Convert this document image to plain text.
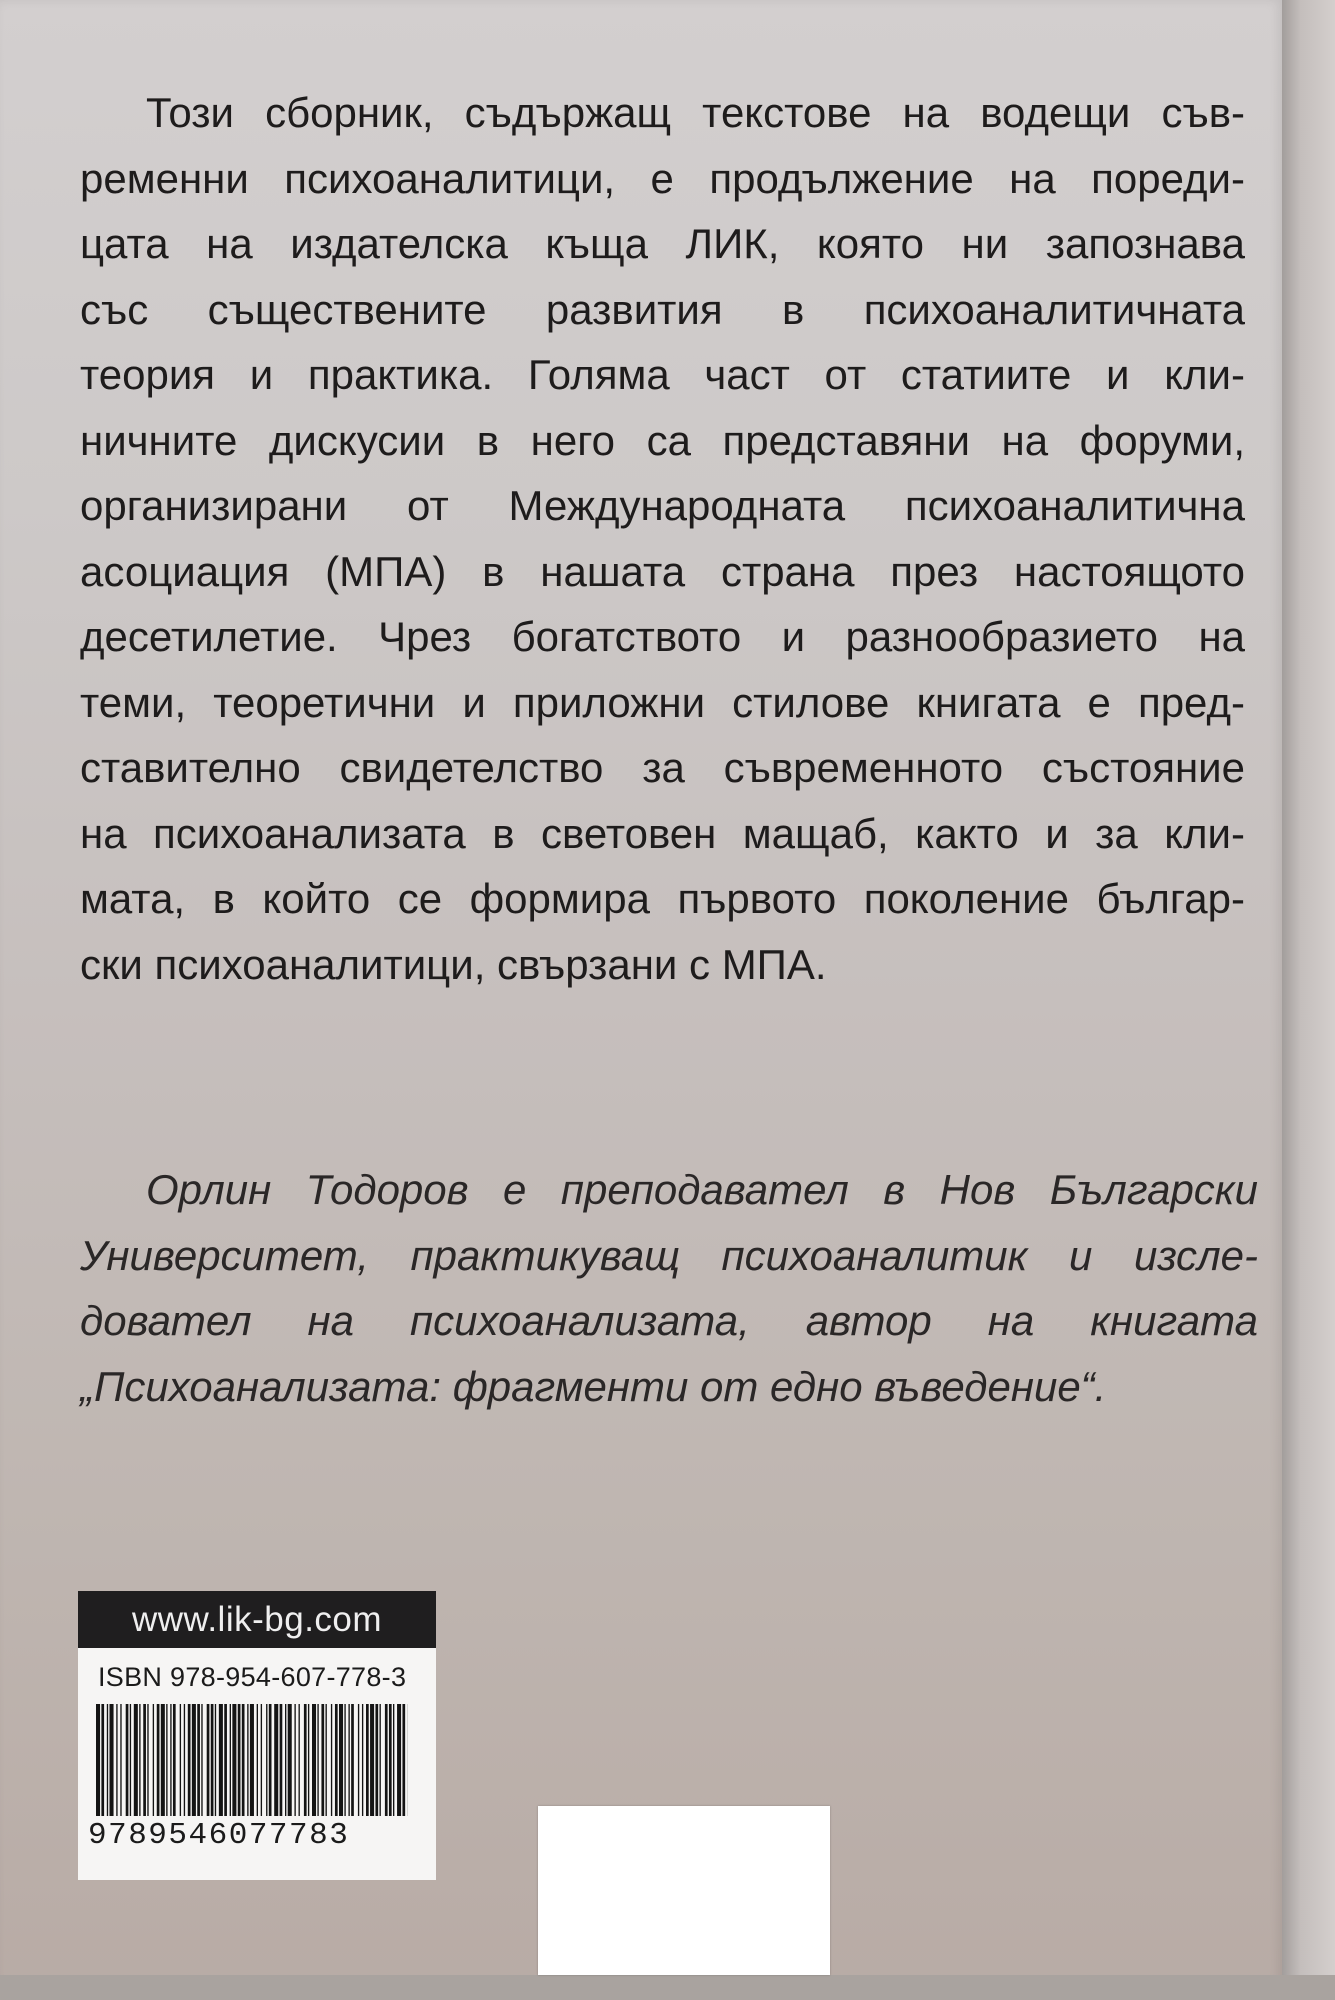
Този сборник, съдържащ текстове на водещи съв-
ременни психоаналитици, е продължение на пореди-
цата на издателска къща ЛИК, която ни запознава
със съществените развития в психоаналитичната
теория и практика. Голяма част от статиите и кли-
ничните дискусии в него са представяни на форуми,
организирани от Международната психоаналитична
асоциация (МПА) в нашата страна през настоящото
десетилетие. Чрез богатството и разнообразието на
теми, теоретични и приложни стилове книгата е пред-
ставително свидетелство за съвременното състояние
на психоанализата в световен мащаб, както и за кли-
мата, в който се формира първото поколение българ-
ски психоаналитици, свързани с МПА.
Орлин Тодоров е преподавател в Нов Български
Университет, практикуващ психоаналитик и изсле-
довател на психоанализата, автор на книгата
„Психоанализата: фрагменти от едно въведение“.
www.lik-bg.com
ISBN 978-954-607-778-3
9789546077783
